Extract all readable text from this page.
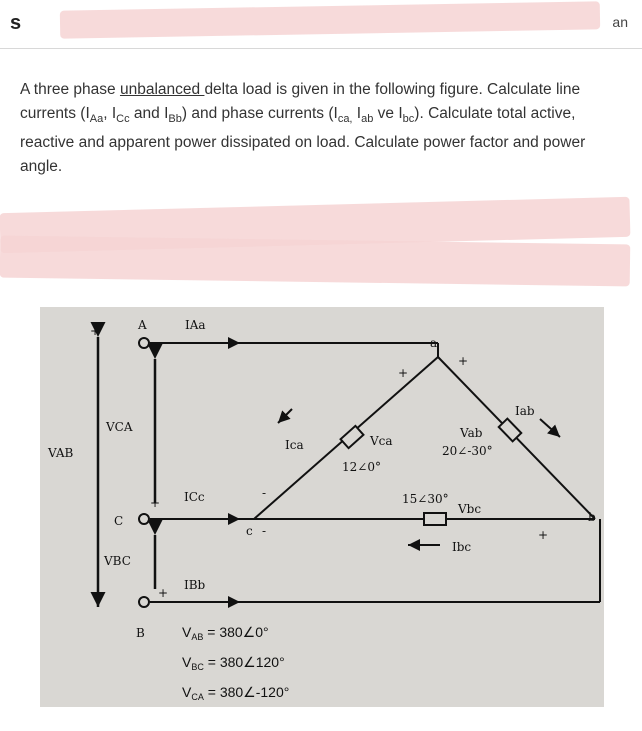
s	an
A three phase unbalanced delta load is given in the following figure. Calculate line currents ($I_{Aa}$, $I_{Cc}$ and $I_{Bb}$) and phase currents ($I_{ca,}$ $I_{ab}$ ve $I_{bc}$). Calculate total active, reactive and apparent power dissipated on load. Calculate power factor and power angle.
A	IAa
a
+
+
+
VAB
VCA
Ica	Vca
12∠0°
Vab
20∠-30°
Iab
15∠30°
Vbc
Ibc
b
+
c -
-
C
+ ICc
VBC
+
IBb
B	$V_{AB}$ = 380∠0°
$V_{BC}$ = 380∠120°
$V_{CA}$ = 380∠-120°
